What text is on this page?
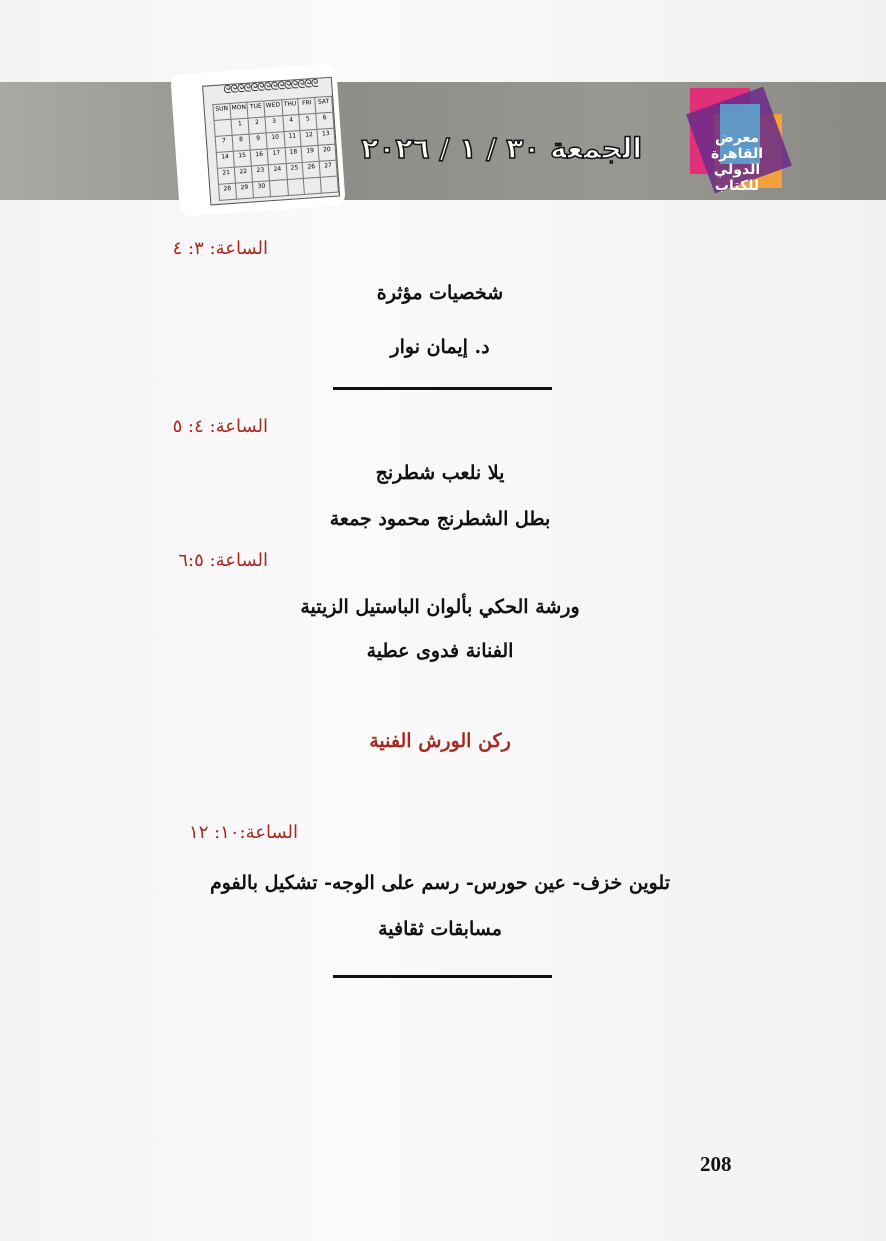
ᘓᘓᘓᘓᘓᘓᘓᘓᘓᘓᘓᘓᘓᘓ
SUN	MON	TUE	WED	THU	FRI	SAT
	1	2	3	4	5	6
7	8	9	10	11	12	13
14	15	16	17	18	19	20
21	22	23	24	25	26	27
28	29	30				
الجمعة ٣٠ / ١ / ٢٠٢٦	معرض القاهرة الدولي للكتاب
الساعة: ٣: ٤
شخصيات مؤثرة
د. إيمان نوار
الساعة: ٤: ٥
يلا نلعب شطرنج
بطل الشطرنج محمود جمعة
الساعة: ٦:٥
ورشة الحكي بألوان الباستيل الزيتية
الفنانة فدوى عطية
ركن الورش الفنية
الساعة:١٠: ١٢
تلوين خزف- عين حورس- رسم على الوجه- تشكيل بالفوم
مسابقات ثقافية
208
